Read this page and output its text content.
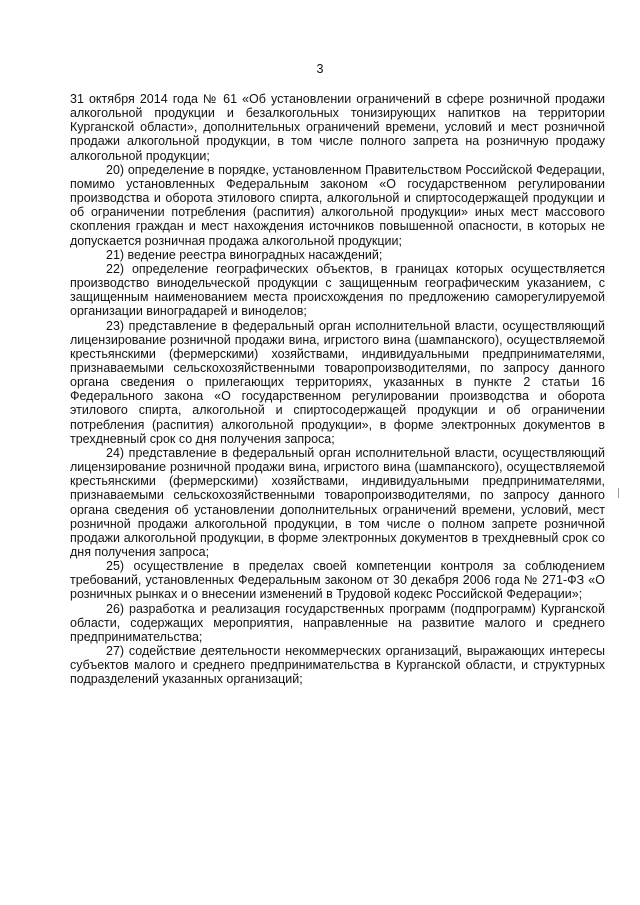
3

31 октября 2014 года № 61 «Об установлении ограничений в сфере розничной продажи алкогольной продукции и безалкогольных тонизирующих напитков на территории Курганской области», дополнительных ограничений времени, условий и мест розничной продажи алкогольной продукции, в том числе полного запрета на розничную продажу алкогольной продукции;

20) определение в порядке, установленном Правительством Российской Федерации, помимо установленных Федеральным законом «О государственном регулировании производства и оборота этилового спирта, алкогольной и спиртосодержащей продукции и об ограничении потребления (распития) алкогольной продукции» иных мест массового скопления граждан и мест нахождения источников повышенной опасности, в которых не допускается розничная продажа алкогольной продукции;

21) ведение реестра виноградных насаждений;

22) определение географических объектов, в границах которых осуществляется производство винодельческой продукции с защищенным географическим указанием, с защищенным наименованием места происхождения по предложению саморегулируемой организации виноградарей и виноделов;

23) представление в федеральный орган исполнительной власти, осуществляющий лицензирование розничной продажи вина, игристого вина (шампанского), осуществляемой крестьянскими (фермерскими) хозяйствами, индивидуальными предпринимателями, признаваемыми сельскохозяйственными товаропроизводителями, по запросу данного органа сведения о прилегающих территориях, указанных в пункте 2 статьи 16 Федерального закона «О государственном регулировании производства и оборота этилового спирта, алкогольной и спиртосодержащей продукции и об ограничении потребления (распития) алкогольной продукции», в форме электронных документов в трехдневный срок со дня получения запроса;

24) представление в федеральный орган исполнительной власти, осуществляющий лицензирование розничной продажи вина, игристого вина (шампанского), осуществляемой крестьянскими (фермерскими) хозяйствами, индивидуальными предпринимателями, признаваемыми сельскохозяйственными товаропроизводителями, по запросу данного органа сведения об установлении дополнительных ограничений времени, условий, мест розничной продажи алкогольной продукции, в том числе о полном запрете розничной продажи алкогольной продукции, в форме электронных документов в трехдневный срок со дня получения запроса;

25) осуществление в пределах своей компетенции контроля за соблюдением требований, установленных Федеральным законом от 30 декабря 2006 года № 271-ФЗ «О розничных рынках и о внесении изменений в Трудовой кодекс Российской Федерации»;

26) разработка и реализация государственных программ (подпрограмм) Курганской области, содержащих мероприятия, направленные на развитие малого и среднего предпринимательства;

27) содействие деятельности некоммерческих организаций, выражающих интересы субъектов малого и среднего предпринимательства в Курганской области, и структурных подразделений указанных организаций;
